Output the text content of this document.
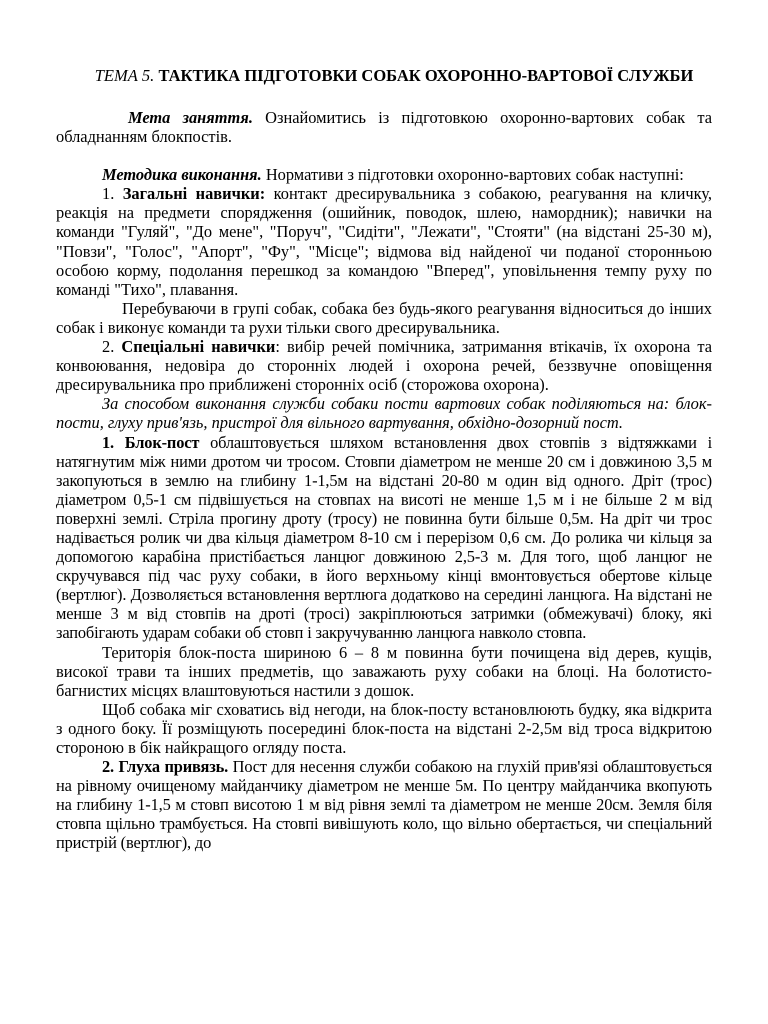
ТЕМА 5. ТАКТИКА ПІДГОТОВКИ СОБАК ОХОРОННО-ВАРТОВОЇ СЛУЖБИ

Мета заняття. Ознайомитись із підготовкою охоронно-вартових собак та обладнанням блокпостів.

Методика виконання. Нормативи з підготовки охоронно-вартових собак наступні:

1. Загальні навички: контакт дресирувальника з собакою, реагування на кличку, реакція на предмети спорядження (ошийник, поводок, шлею, намордник); навички на команди "Гуляй", "До мене", "Поруч", "Сидіти", "Лежати", "Стояти" (на відстані 25-30 м), "Повзи", "Голос", "Апорт", "Фу", "Місце"; відмова від найденої чи поданої сторонньою особою корму, подолання перешкод за командою "Вперед", уповільнення темпу руху по команді "Тихо", плавання.

Перебуваючи в групі собак, собака без будь-якого реагування відноситься до інших собак і виконує команди та рухи тільки свого дресирувальника.

2. Спеціальні навички: вибір речей помічника, затримання втікачів, їх охорона та конвоювання, недовіра до сторонніх людей і охорона речей, беззвучне оповіщення дресирувальника про приближені сторонніх осіб (сторожова охорона).

За способом виконання служби собаки пости вартових собак поділяються на: блок-пости, глуху прив'язь, пристрої для вільного вартування, обхідно-дозорний пост.

1. Блок-пост облаштовується шляхом встановлення двох стовпів з відтяжками і натягнутим між ними дротом чи тросом. Стовпи діаметром не менше 20 см і довжиною 3,5 м закопуються в землю на глибину 1-1,5м на відстані 20-80 м один від одного. Дріт (трос) діаметром 0,5-1 см підвішується на стовпах на висоті не менше 1,5 м і не більше 2 м від поверхні землі. Стріла прогину дроту (тросу) не повинна бути більше 0,5м. На дріт чи трос надівається ролик чи два кільця діаметром 8-10 см і перерізом 0,6 см. До ролика чи кільця за допомогою карабіна пристібається ланцюг довжиною 2,5-3 м. Для того, щоб ланцюг не скручувався під час руху собаки, в його верхньому кінці вмонтовується обертове кільце (вертлюг). Дозволяється встановлення вертлюга додатково на середині ланцюга. На відстані не менше 3 м від стовпів на дроті (тросі) закріплюються затримки (обмежувачі) блоку, які запобігають ударам собаки об стовп і закручуванню ланцюга навколо стовпа.

Територія блок-поста шириною 6 – 8 м повинна бути почищена від дерев, кущів, високої трави та інших предметів, що заважають руху собаки на блоці. На болотисто-багнистих місцях влаштовуються настили з дошок.

Щоб собака міг сховатись від негоди, на блок-посту встановлюють будку, яка відкрита з одного боку. Її розміщують посередині блок-поста на відстані 2-2,5м від троса відкритою стороною в бік найкращого огляду поста.

2. Глуха привязь. Пост для несення служби собакою на глухій прив'язі облаштовується на рівному очищеному майданчику діаметром не менше 5м. По центру майданчика вкопують на глибину 1-1,5 м стовп висотою 1 м від рівня землі та діаметром не менше 20см. Земля біля стовпа щільно трамбується. На стовпі вивішують коло, що вільно обертається, чи спеціальний пристрій (вертлюг), до
